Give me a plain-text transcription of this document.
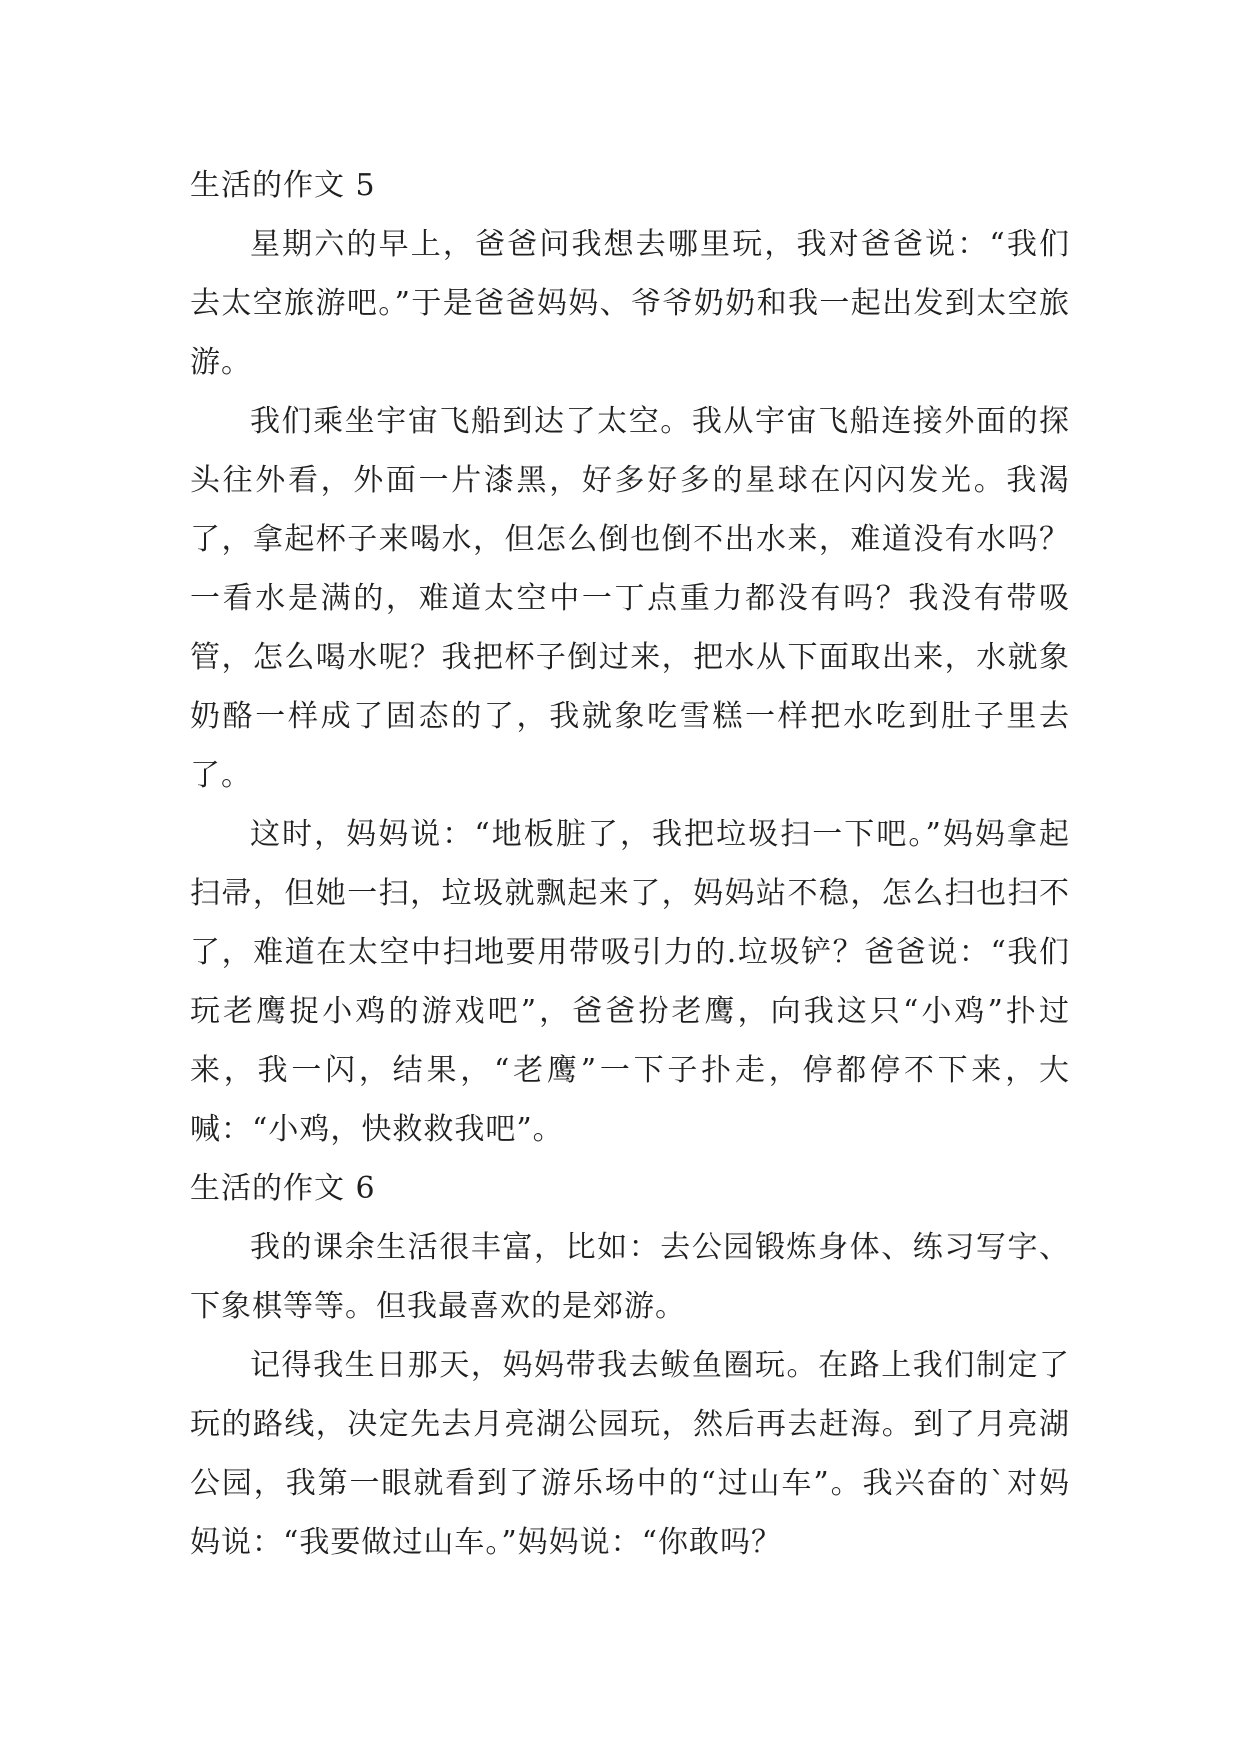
生活的作文 5

星期六的早上，爸爸问我想去哪里玩，我对爸爸说：“我们去太空旅游吧。”于是爸爸妈妈、爷爷奶奶和我一起出发到太空旅游。

我们乘坐宇宙飞船到达了太空。我从宇宙飞船连接外面的探头往外看，外面一片漆黑，好多好多的星球在闪闪发光。我渴了，拿起杯子来喝水，但怎么倒也倒不出水来，难道没有水吗？一看水是满的，难道太空中一丁点重力都没有吗？我没有带吸管，怎么喝水呢？我把杯子倒过来，把水从下面取出来，水就象奶酪一样成了固态的了，我就象吃雪糕一样把水吃到肚子里去了。

这时，妈妈说：“地板脏了，我把垃圾扫一下吧。”妈妈拿起扫帚，但她一扫，垃圾就飘起来了，妈妈站不稳，怎么扫也扫不了，难道在太空中扫地要用带吸引力的.垃圾铲？爸爸说：“我们玩老鹰捉小鸡的游戏吧”，爸爸扮老鹰，向我这只“小鸡”扑过来，我一闪，结果，“老鹰”一下子扑走，停都停不下来，大喊：“小鸡，快救救我吧”。

生活的作文 6

我的课余生活很丰富，比如：去公园锻炼身体、练习写字、下象棋等等。但我最喜欢的是郊游。

记得我生日那天，妈妈带我去鲅鱼圈玩。在路上我们制定了玩的路线，决定先去月亮湖公园玩，然后再去赶海。到了月亮湖公园，我第一眼就看到了游乐场中的“过山车”。我兴奋的`对妈妈说：“我要做过山车。”妈妈说：“你敢吗？
